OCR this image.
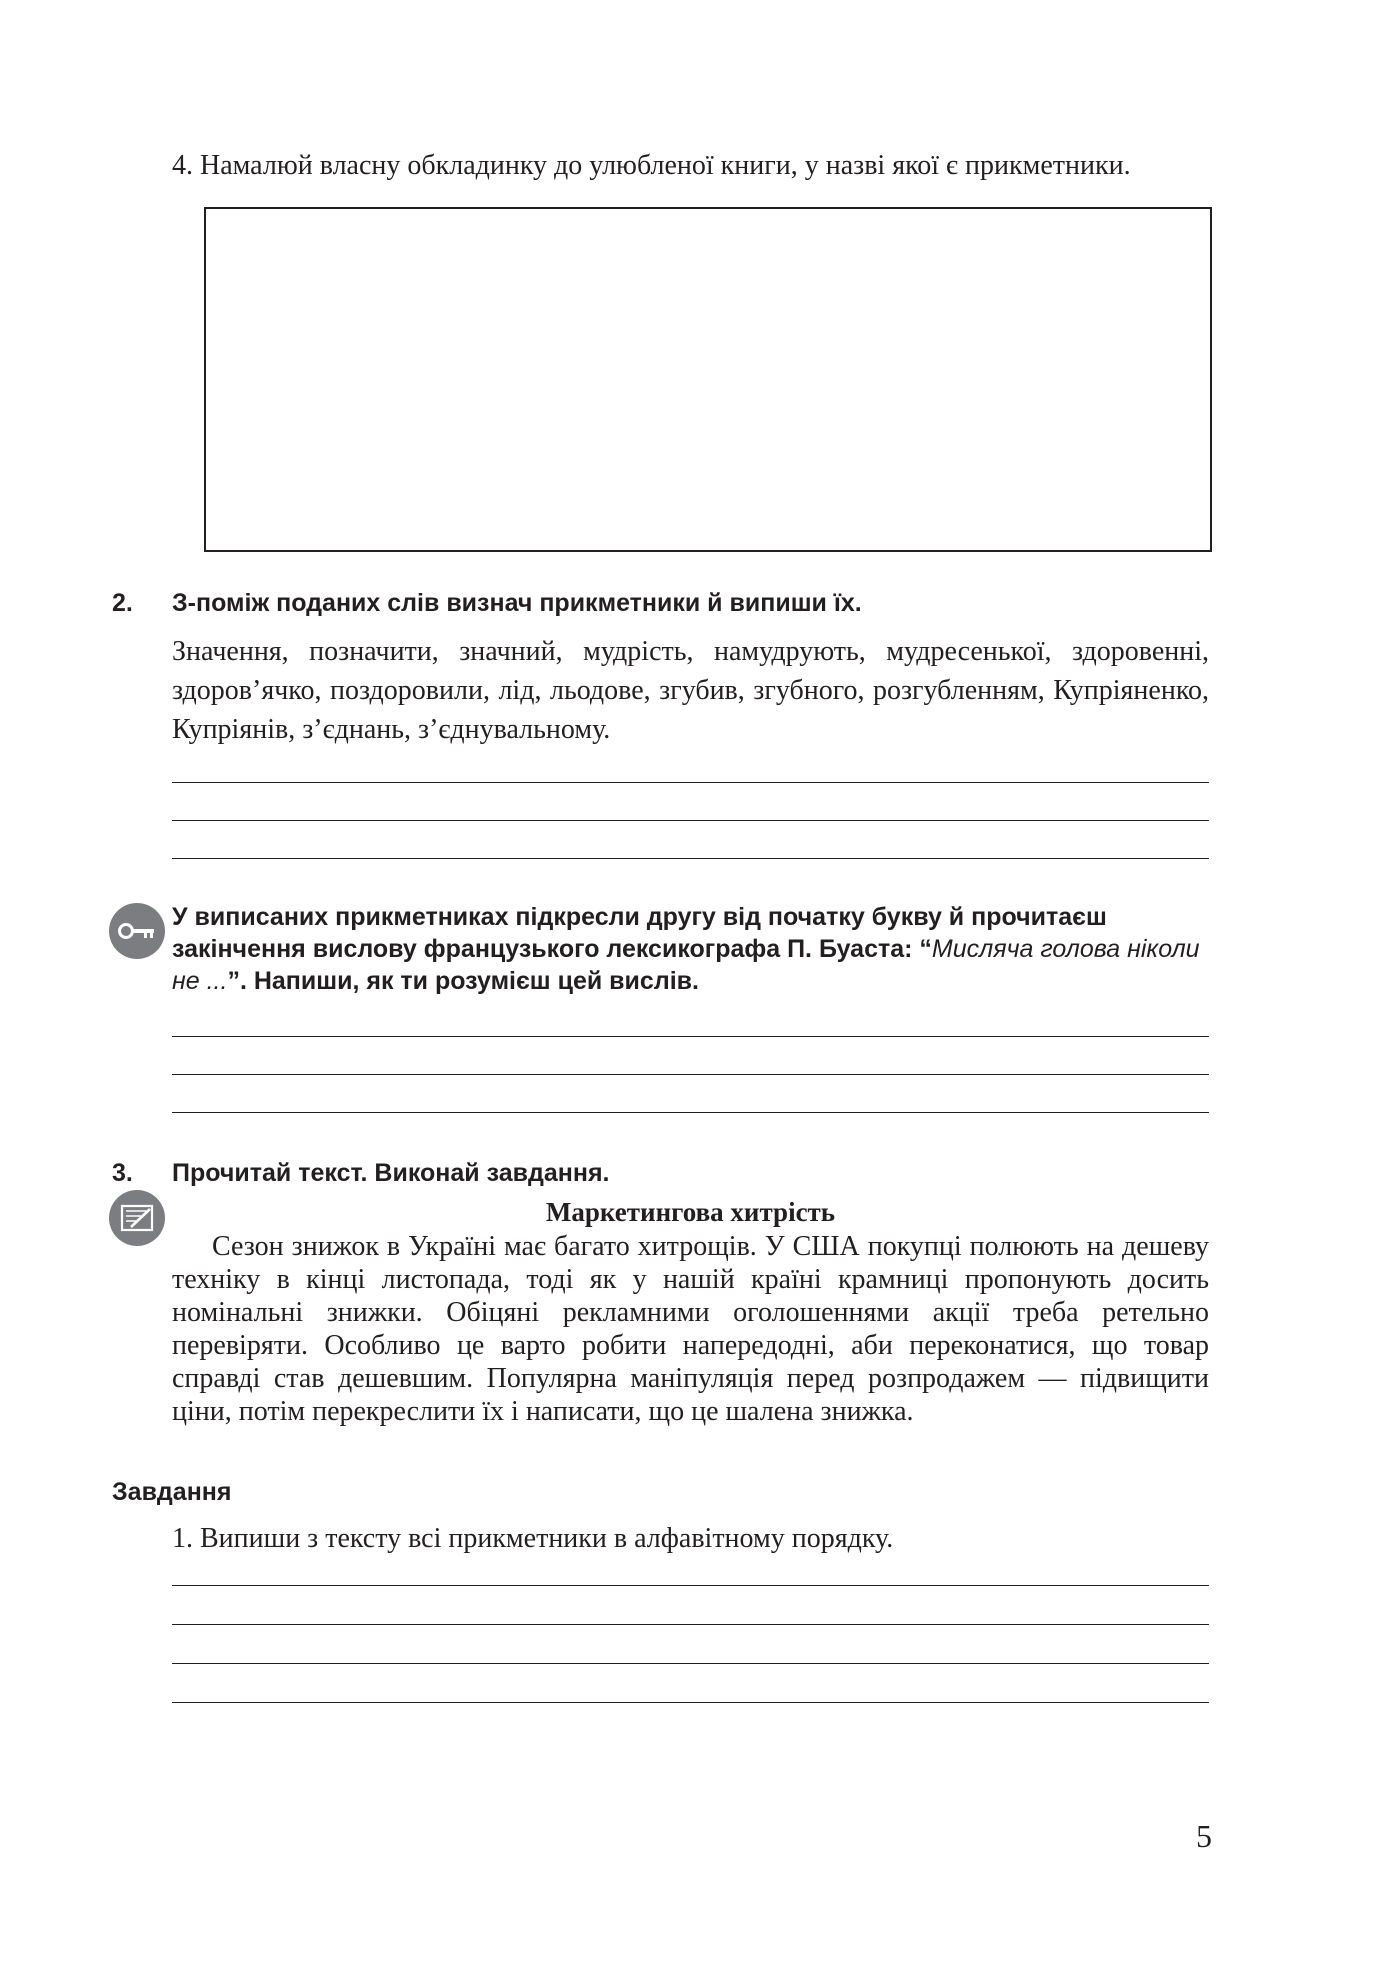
4. Намалюй власну обкладинку до улюбленої книги, у назві якої є прикметники.
2. З-поміж поданих слів визнач прикметники й випиши їх.

Значення, позначити, значний, мудрість, намудрують, мудресенької, здоровенні, здоров’ячко, поздоровили, лід, льодове, згубив, згубного, розгубленням, Купріяненко, Купріянів, з’єднань, з’єднувальному.

У виписаних прикметниках підкресли другу від початку букву й прочитаєш закінчення вислову французького лексикографа П. Буаста: “Мисляча голова ніколи не ...”. Напиши, як ти розумієш цей вислів.

3. Прочитай текст. Виконай завдання.
Маркетингова хитрість

Сезон знижок в Україні має багато хитрощів. У США покупці полюють на дешеву техніку в кінці листопада, тоді як у нашій країні крамниці пропонують досить номінальні знижки. Обіцяні рекламними оголошеннями акції треба ретельно перевіряти. Особливо це варто робити напередодні, аби переконатися, що товар справді став дешевшим. Популярна маніпуляція перед розпродажем — підвищити ціни, потім перекреслити їх і написати, що це шалена знижка.

Завдання
1. Випиши з тексту всі прикметники в алфавітному порядку.
5
